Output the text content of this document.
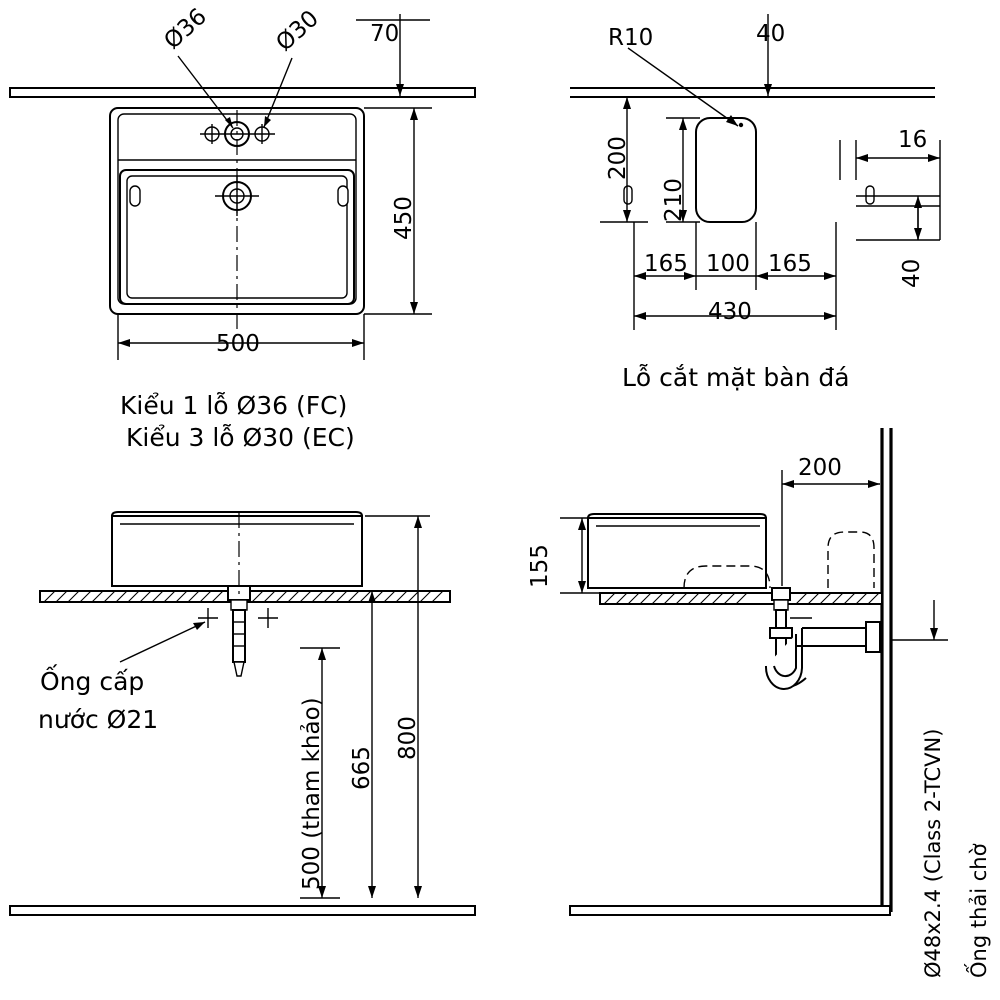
Ø36	Ø30 70
450
500
Kiểu 1 lỗ Ø36 (FC)
Kiểu 3 lỗ Ø30 (EC)
R10	40
200
210
16
40
165 100 165
430
Lỗ cắt mặt bàn đá
Ống cấp
nước Ø21	500 (tham khảo) 665
800
200
155
Ø48x2.4 (Class 2-TCVN) Ống thải chờ
